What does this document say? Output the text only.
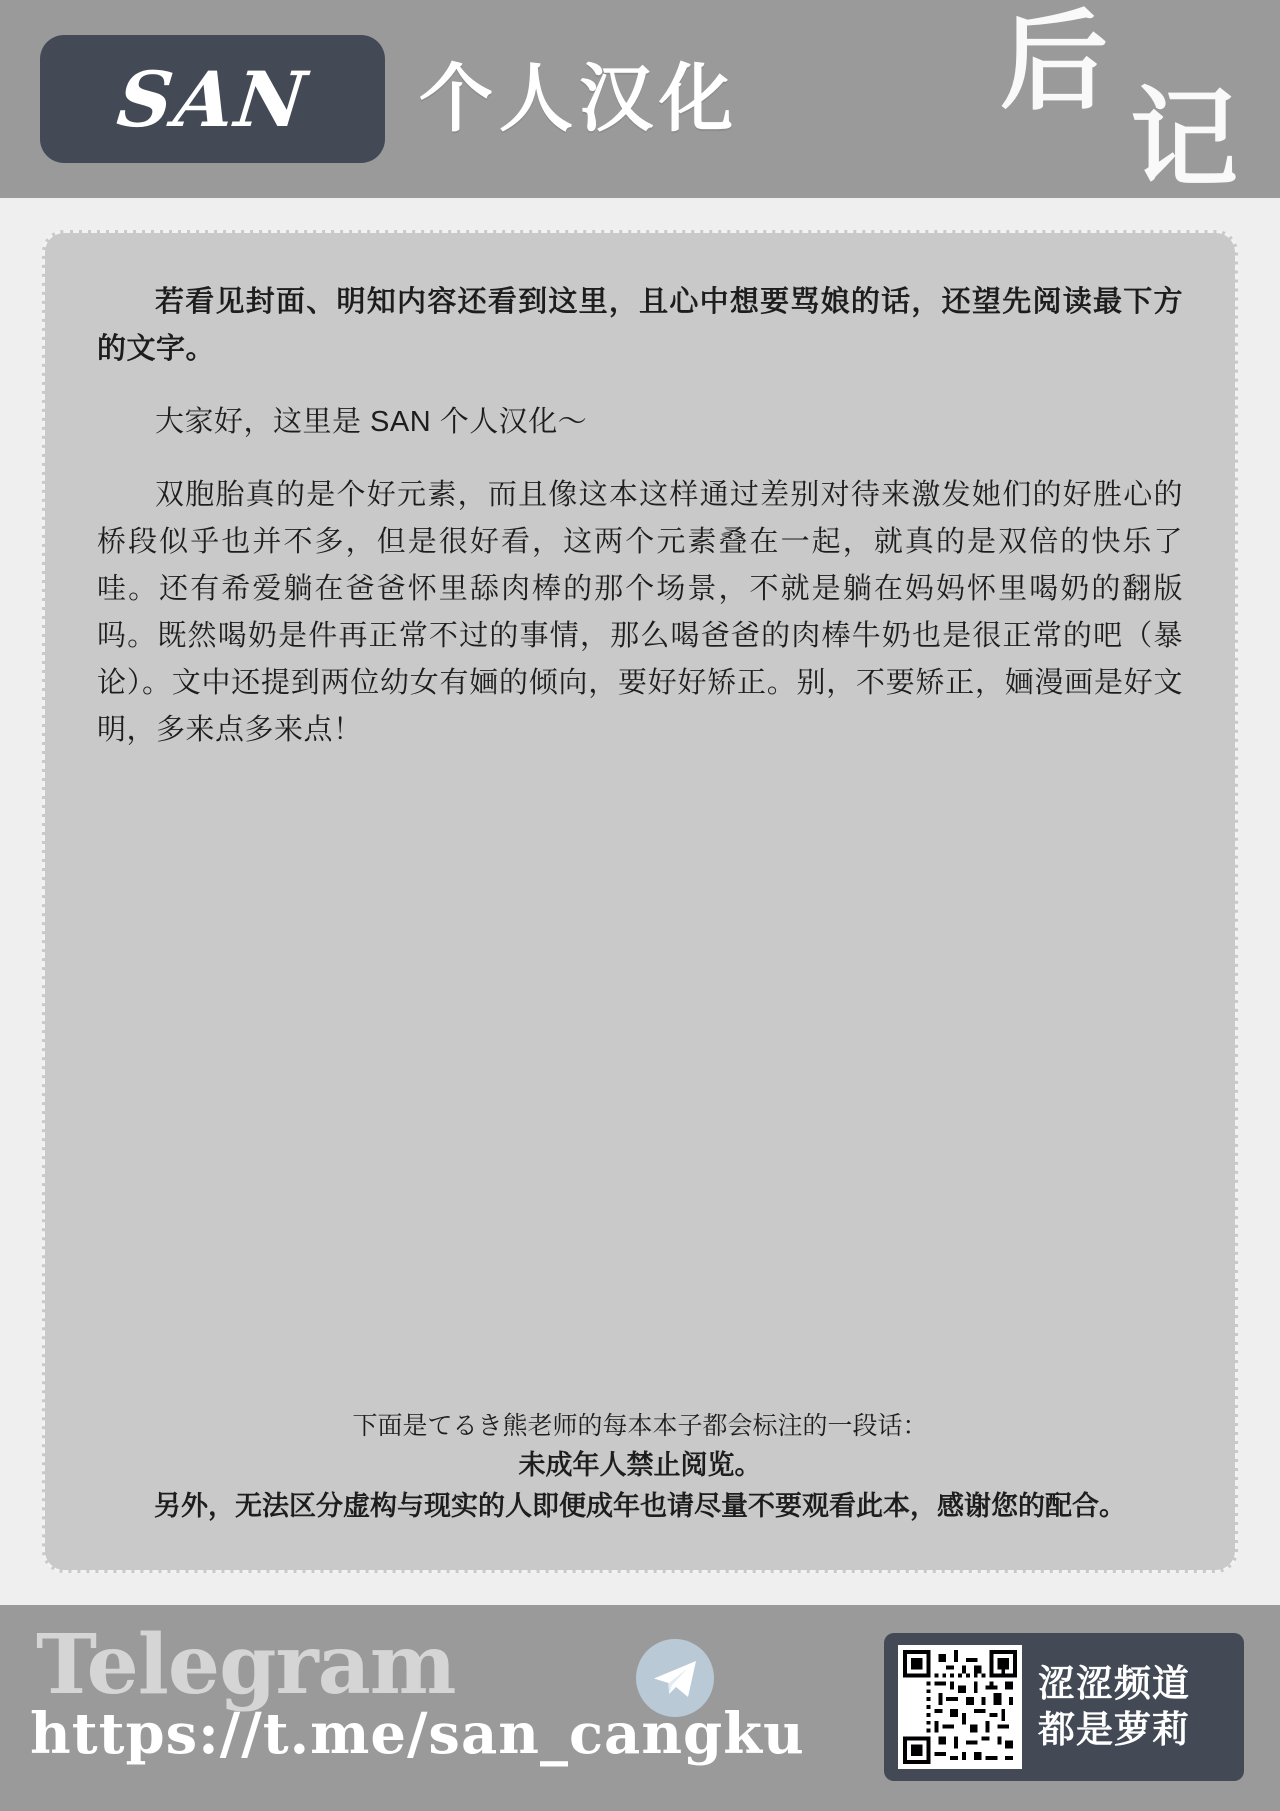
SAN 个人汉化 后
记

若看见封面、明知内容还看到这里，且心中想要骂娘的话，还望先阅读最下方的文字。

大家好，这里是 SAN 个人汉化～

双胞胎真的是个好元素，而且像这本这样通过差别对待来激发她们的好胜心的桥段似乎也并不多，但是很好看，这两个元素叠在一起，就真的是双倍的快乐了哇。还有希爱躺在爸爸怀里舔肉棒的那个场景，不就是躺在妈妈怀里喝奶的翻版吗。既然喝奶是件再正常不过的事情，那么喝爸爸的肉棒牛奶也是很正常的吧（暴论）。文中还提到两位幼女有婳的倾向，要好好矫正。别，不要矫正，婳漫画是好文明，多来点多来点！

下面是てるき熊老师的每本本子都会标注的一段话：
未成年人禁止阅览。
另外，无法区分虚构与现实的人即便成年也请尽量不要观看此本，感谢您的配合。
Telegram
https://t.me/san_cangku
涩涩频道
都是萝莉
